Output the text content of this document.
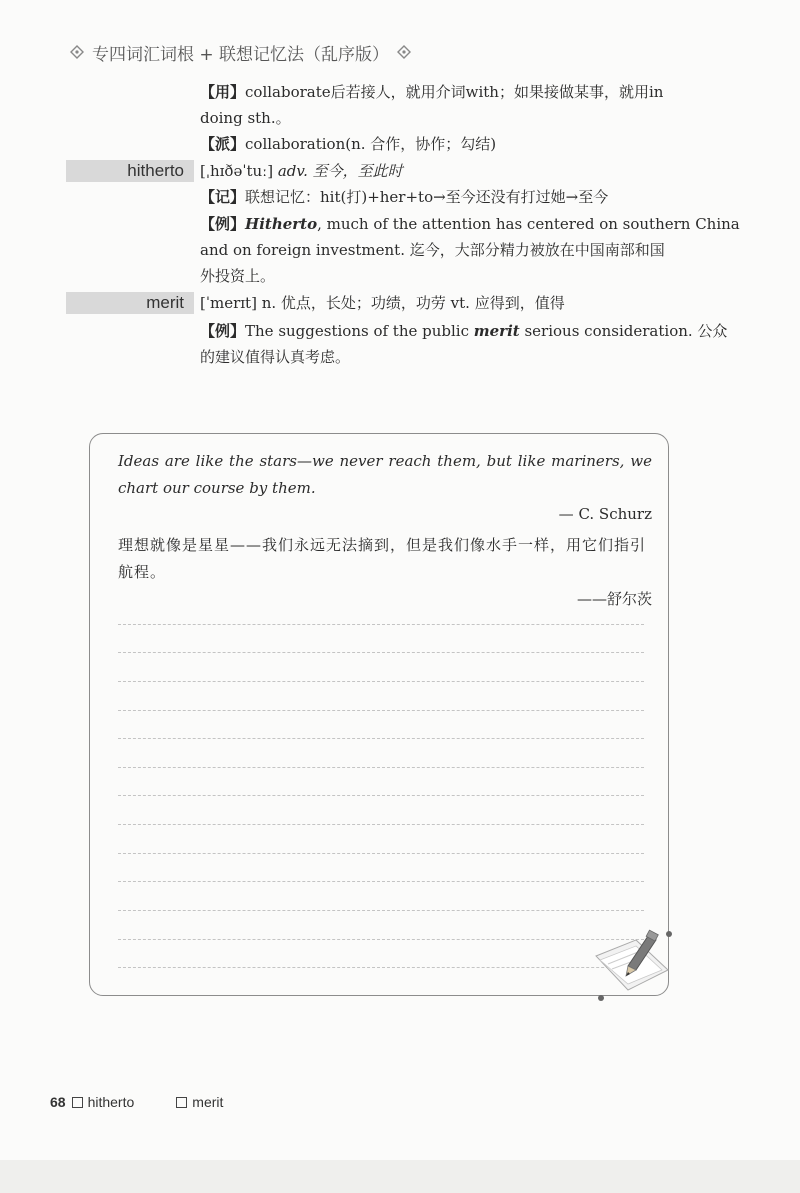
专四词汇词根 + 联想记忆法（乱序版）
【用】collaborate后若接人，就用介词with；如果接做某事，就用in
doing sth.。
【派】collaboration(n. 合作，协作；勾结)
hitherto [ˌhɪðəˈtuː] adv. 至今，至此时
【记】联想记忆：hit(打)+her+to→至今还没有打过她→至今
【例】Hitherto, much of the attention has centered on southern China
and on foreign investment. 迄今，大部分精力被放在中国南部和国
外投资上。
merit [ˈmerɪt] n. 优点，长处；功绩，功劳 vt. 应得到，值得
【例】The suggestions of the public merit serious consideration. 公众
的建议值得认真考虑。
Ideas are like the stars—we never reach them, but like mariners, we chart our course by them.
— C. Schurz
理想就像是星星——我们永远无法摘到，但是我们像水手一样，用它们指引航程。
——舒尔茨
68 hitherto	merit
